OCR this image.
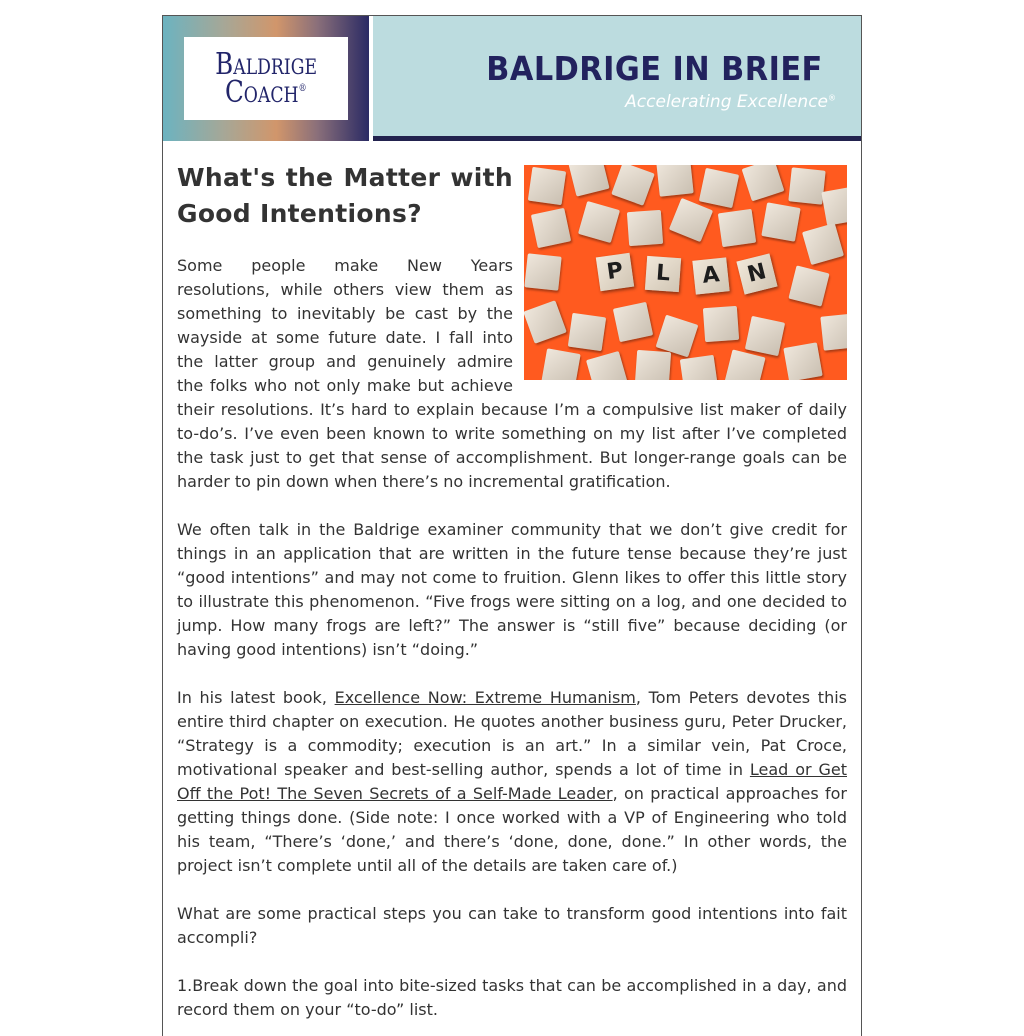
Baldrige
Coach®	BALDRIGE IN BRIEF
Accelerating Excellence®
P	L	A	N
What's the Matter with Good Intentions?

Some people make New Years resolutions, while others view them as something to inevitably be cast by the wayside at some future date. I fall into the latter group and genuinely admire the folks who not only make but achieve their resolutions. It’s hard to explain because I’m a compulsive list maker of daily to-do’s. I’ve even been known to write something on my list after I’ve completed the task just to get that sense of accomplishment. But longer-range goals can be harder to pin down when there’s no incremental gratification.

We often talk in the Baldrige examiner community that we don’t give credit for things in an application that are written in the future tense because they’re just “good intentions” and may not come to fruition. Glenn likes to offer this little story to illustrate this phenomenon. “Five frogs were sitting on a log, and one decided to jump. How many frogs are left?” The answer is “still five” because deciding (or having good intentions) isn’t “doing.”

In his latest book, Excellence Now: Extreme Humanism, Tom Peters devotes this entire third chapter on execution. He quotes another business guru, Peter Drucker, “Strategy is a commodity; execution is an art.” In a similar vein, Pat Croce, motivational speaker and best-selling author, spends a lot of time in Lead or Get Off the Pot! The Seven Secrets of a Self-Made Leader, on practical approaches for getting things done. (Side note: I once worked with a VP of Engineering who told his team, “There’s ‘done,’ and there’s ‘done, done, done.” In other words, the project isn’t complete until all of the details are taken care of.)

What are some practical steps you can take to transform good intentions into fait accompli?

1.Break down the goal into bite-sized tasks that can be accomplished in a day, and record them on your “to-do” list.
